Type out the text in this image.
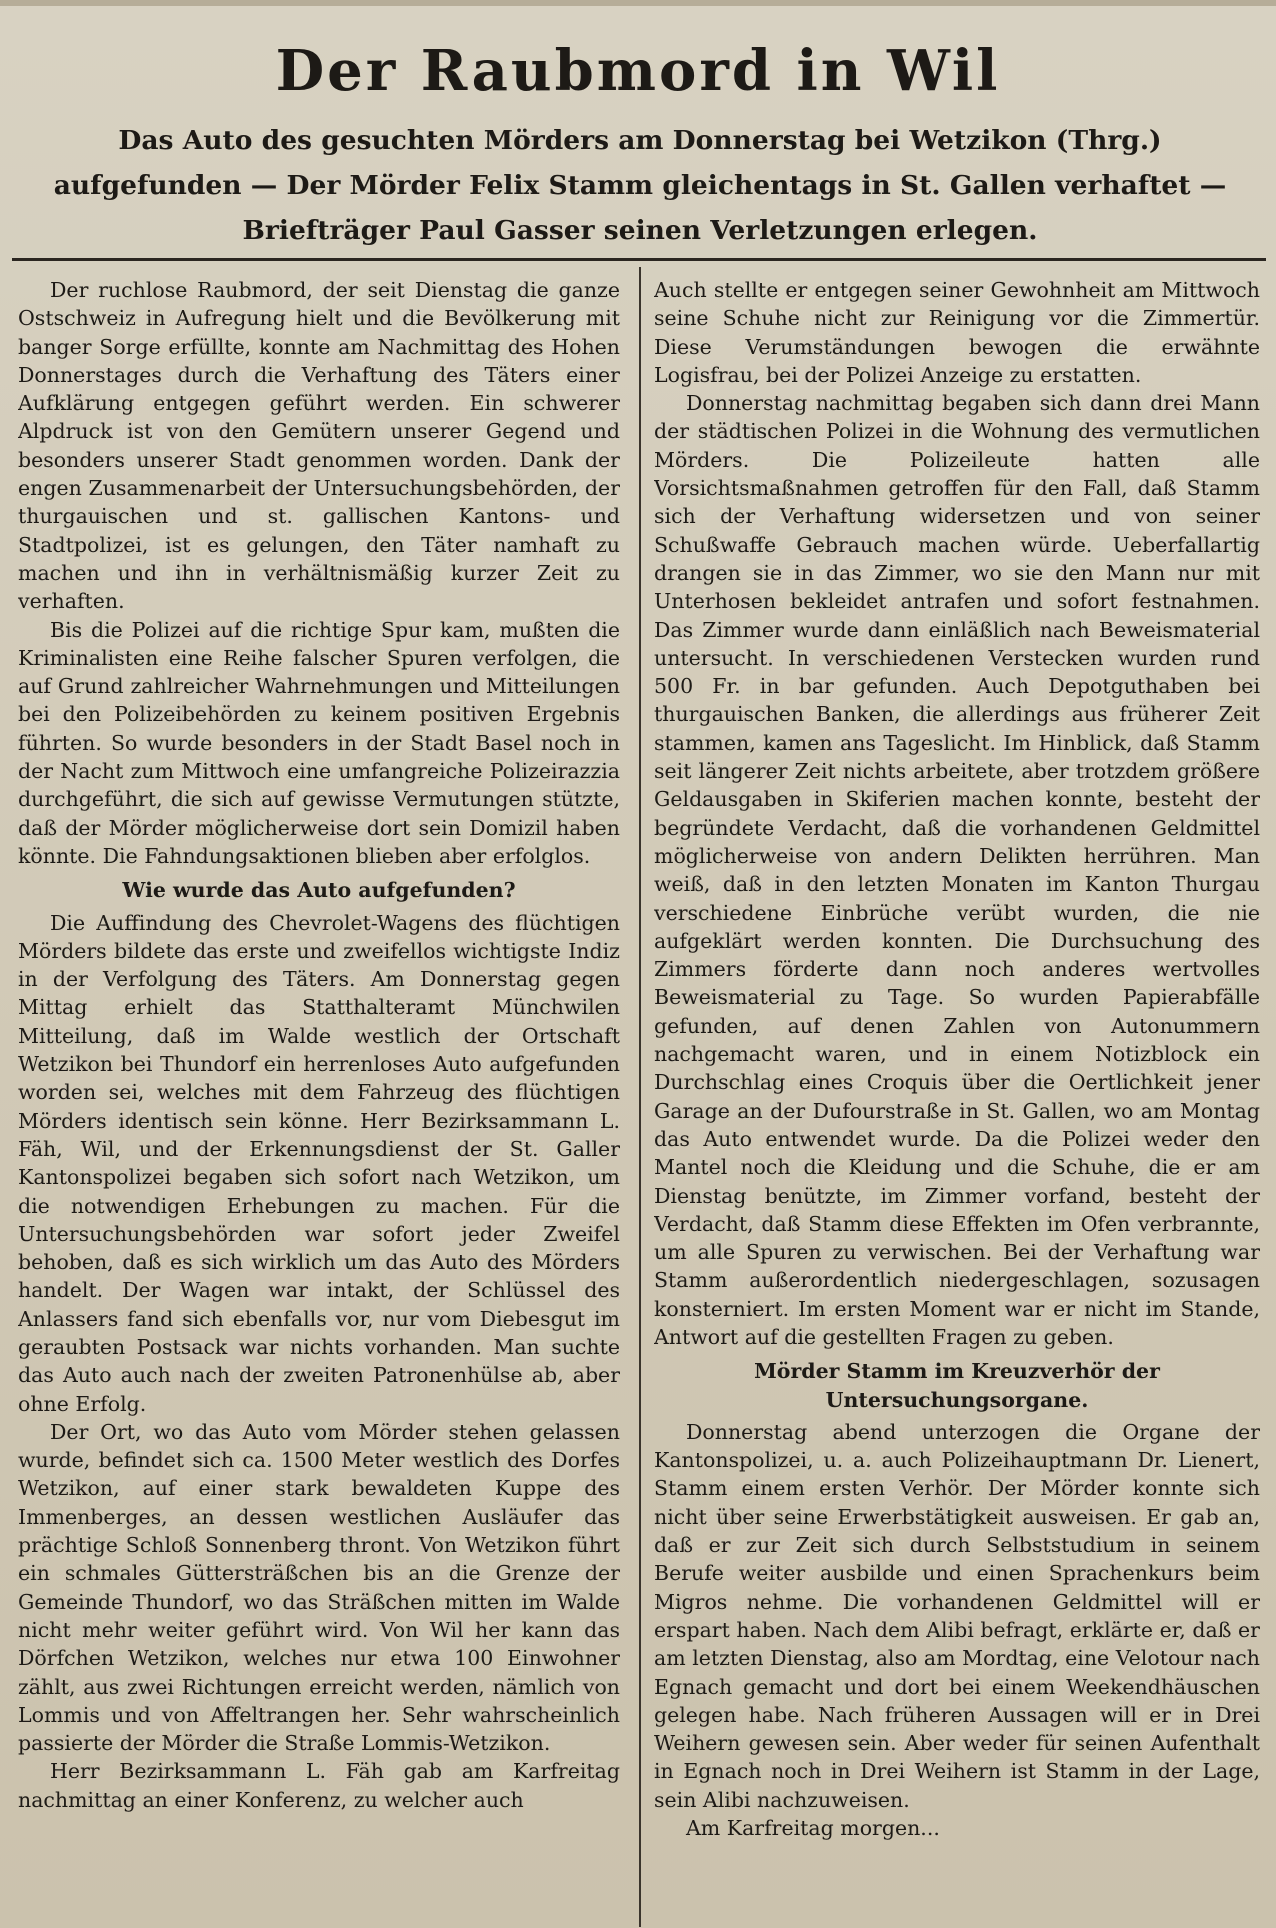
Der Raubmord in Wil

Das Auto des gesuchten Mörders am Donnerstag bei Wetzikon (Thrg.) aufgefunden — Der Mörder Felix Stamm gleichentags in St. Gallen verhaftet — Briefträger Paul Gasser seinen Verletzungen erlegen.

Der ruchlose Raubmord, der seit Dienstag die ganze Ostschweiz in Aufregung hielt und die Bevölkerung mit banger Sorge erfüllte, konnte am Nachmittag des Hohen Donnerstages durch die Verhaftung des Täters einer Aufklärung entgegen geführt werden. Ein schwerer Alpdruck ist von den Gemütern unserer Gegend und besonders unserer Stadt genommen worden. Dank der engen Zusammenarbeit der Untersuchungsbehörden, der thurgauischen und st. gallischen Kantons- und Stadtpolizei, ist es gelungen, den Täter namhaft zu machen und ihn in verhältnismäßig kurzer Zeit zu verhaften.

Bis die Polizei auf die richtige Spur kam, mußten die Kriminalisten eine Reihe falscher Spuren verfolgen, die auf Grund zahlreicher Wahrnehmungen und Mitteilungen bei den Polizeibehörden zu keinem positiven Ergebnis führten. So wurde besonders in der Stadt Basel noch in der Nacht zum Mittwoch eine umfangreiche Polizeirazzia durchgeführt, die sich auf gewisse Vermutungen stützte, daß der Mörder möglicherweise dort sein Domizil haben könnte. Die Fahndungsaktionen blieben aber erfolglos.

Wie wurde das Auto aufgefunden?

Die Auffindung des Chevrolet-Wagens des flüchtigen Mörders bildete das erste und zweifellos wichtigste Indiz in der Verfolgung des Täters. Am Donnerstag gegen Mittag erhielt das Statthalteramt Münchwilen Mitteilung, daß im Walde westlich der Ortschaft Wetzikon bei Thundorf ein herrenloses Auto aufgefunden worden sei, welches mit dem Fahrzeug des flüchtigen Mörders identisch sein könne. Herr Bezirksammann L. Fäh, Wil, und der Erkennungsdienst der St. Galler Kantonspolizei begaben sich sofort nach Wetzikon, um die notwendigen Erhebungen zu machen. Für die Untersuchungsbehörden war sofort jeder Zweifel behoben, daß es sich wirklich um das Auto des Mörders handelt. Der Wagen war intakt, der Schlüssel des Anlassers fand sich ebenfalls vor, nur vom Diebesgut im geraubten Postsack war nichts vorhanden. Man suchte das Auto auch nach der zweiten Patronenhülse ab, aber ohne Erfolg.

Der Ort, wo das Auto vom Mörder stehen gelassen wurde, befindet sich ca. 1500 Meter westlich des Dorfes Wetzikon, auf einer stark bewaldeten Kuppe des Immenberges, an dessen westlichen Ausläufer das prächtige Schloß Sonnenberg thront. Von Wetzikon führt ein schmales Güttersträßchen bis an die Grenze der Gemeinde Thundorf, wo das Sträßchen mitten im Walde nicht mehr weiter geführt wird. Von Wil her kann das Dörfchen Wetzikon, welches nur etwa 100 Einwohner zählt, aus zwei Richtungen erreicht werden, nämlich von Lommis und von Affeltrangen her. Sehr wahrscheinlich passierte der Mörder die Straße Lommis-Wetzikon.

Herr Bezirksammann L. Fäh gab am Karfreitag nachmittag an einer Konferenz, zu welcher auch

Auch stellte er entgegen seiner Gewohnheit am Mittwoch seine Schuhe nicht zur Reinigung vor die Zimmertür. Diese Verumständungen bewogen die erwähnte Logisfrau, bei der Polizei Anzeige zu erstatten.

Donnerstag nachmittag begaben sich dann drei Mann der städtischen Polizei in die Wohnung des vermutlichen Mörders. Die Polizeileute hatten alle Vorsichtsmaßnahmen getroffen für den Fall, daß Stamm sich der Verhaftung widersetzen und von seiner Schußwaffe Gebrauch machen würde. Ueberfallartig drangen sie in das Zimmer, wo sie den Mann nur mit Unterhosen bekleidet antrafen und sofort festnahmen. Das Zimmer wurde dann einläßlich nach Beweismaterial untersucht. In verschiedenen Verstecken wurden rund 500 Fr. in bar gefunden. Auch Depotguthaben bei thurgauischen Banken, die allerdings aus früherer Zeit stammen, kamen ans Tageslicht. Im Hinblick, daß Stamm seit längerer Zeit nichts arbeitete, aber trotzdem größere Geldausgaben in Skiferien machen konnte, besteht der begründete Verdacht, daß die vorhandenen Geldmittel möglicherweise von andern Delikten herrühren. Man weiß, daß in den letzten Monaten im Kanton Thurgau verschiedene Einbrüche verübt wurden, die nie aufgeklärt werden konnten. Die Durchsuchung des Zimmers förderte dann noch anderes wertvolles Beweismaterial zu Tage. So wurden Papierabfälle gefunden, auf denen Zahlen von Autonummern nachgemacht waren, und in einem Notizblock ein Durchschlag eines Croquis über die Oertlichkeit jener Garage an der Dufourstraße in St. Gallen, wo am Montag das Auto entwendet wurde. Da die Polizei weder den Mantel noch die Kleidung und die Schuhe, die er am Dienstag benützte, im Zimmer vorfand, besteht der Verdacht, daß Stamm diese Effekten im Ofen verbrannte, um alle Spuren zu verwischen. Bei der Verhaftung war Stamm außerordentlich niedergeschlagen, sozusagen konsterniert. Im ersten Moment war er nicht im Stande, Antwort auf die gestellten Fragen zu geben.

Mörder Stamm im Kreuzverhör der Untersuchungsorgane.

Donnerstag abend unterzogen die Organe der Kantonspolizei, u. a. auch Polizeihauptmann Dr. Lienert, Stamm einem ersten Verhör. Der Mörder konnte sich nicht über seine Erwerbstätigkeit ausweisen. Er gab an, daß er zur Zeit sich durch Selbststudium in seinem Berufe weiter ausbilde und einen Sprachenkurs beim Migros nehme. Die vorhandenen Geldmittel will er erspart haben. Nach dem Alibi befragt, erklärte er, daß er am letzten Dienstag, also am Mordtag, eine Velotour nach Egnach gemacht und dort bei einem Weekendhäuschen gelegen habe. Nach früheren Aussagen will er in Drei Weihern gewesen sein. Aber weder für seinen Aufenthalt in Egnach noch in Drei Weihern ist Stamm in der Lage, sein Alibi nachzuweisen.

Am Karfreitag morgen...
